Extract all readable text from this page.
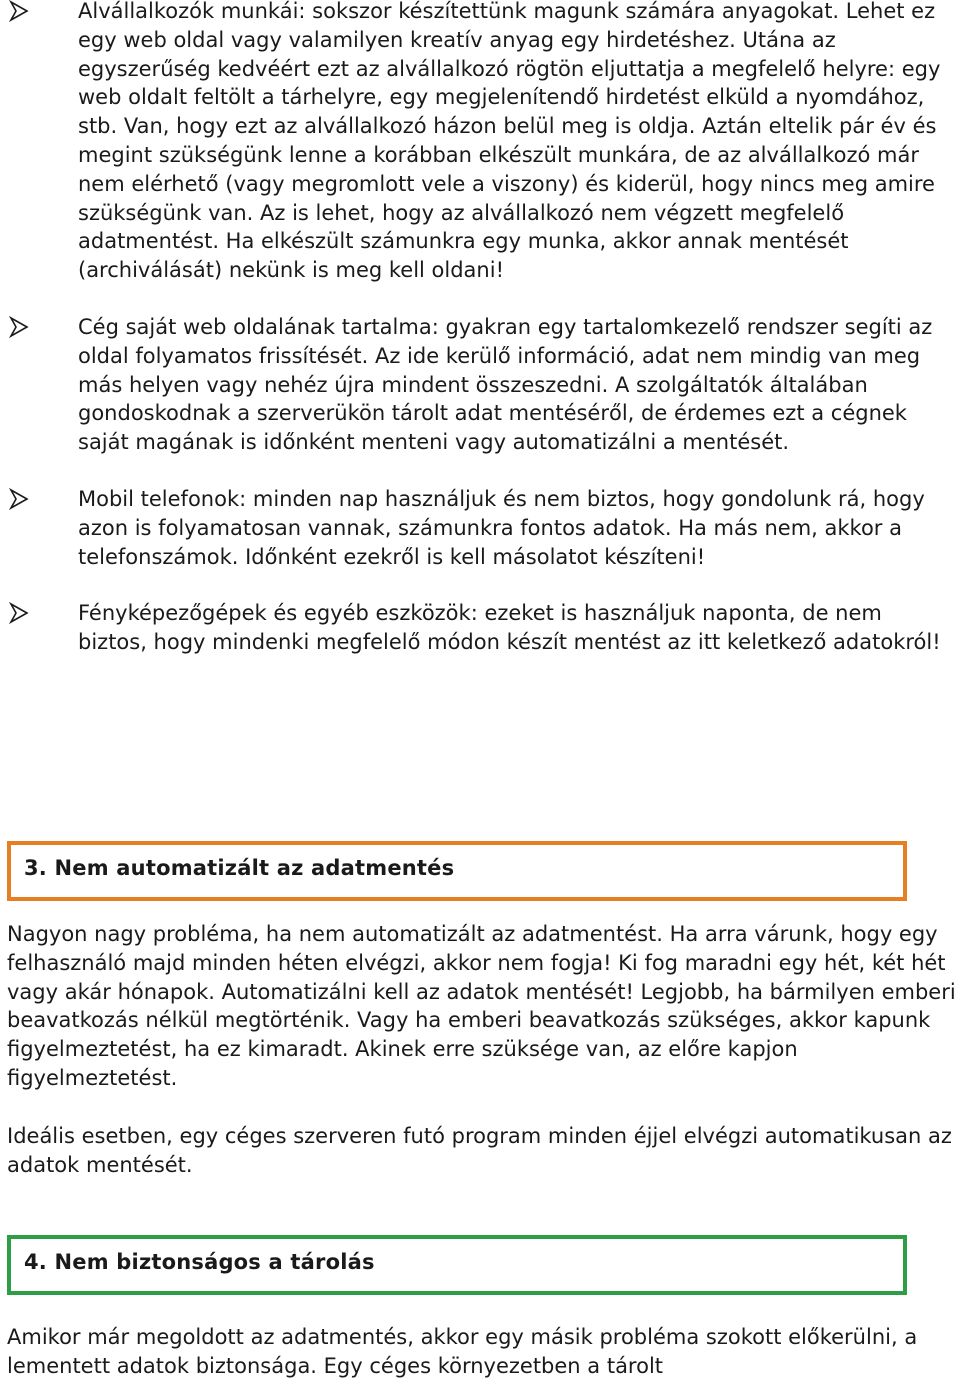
Alvállalkozók munkái: sokszor készítettünk magunk számára anyagokat. Lehet ez egy web oldal vagy valamilyen kreatív anyag egy hirdetéshez. Utána az egyszerűség kedvéért ezt az alvállalkozó rögtön eljuttatja a megfelelő helyre: egy web oldalt feltölt a tárhelyre, egy megjelenítendő hirdetést elküld a nyomdához, stb. Van, hogy ezt az alvállalkozó házon belül meg is oldja. Aztán eltelik pár év és megint szükségünk lenne a korábban elkészült munkára, de az alvállalkozó már nem elérhető (vagy megromlott vele a viszony) és kiderül, hogy nincs meg amire szükségünk van. Az is lehet, hogy az alvállalkozó nem végzett megfelelő adatmentést. Ha elkészült számunkra egy munka, akkor annak mentését (archiválását) nekünk is meg kell oldani!
Cég saját web oldalának tartalma: gyakran egy tartalomkezelő rendszer segíti az oldal folyamatos frissítését. Az ide kerülő információ, adat nem mindig van meg más helyen vagy nehéz újra mindent összeszedni. A szolgáltatók általában gondoskodnak a szerverükön tárolt adat mentéséről, de érdemes ezt a cégnek saját magának is időnként menteni vagy automatizálni a mentését.
Mobil telefonok: minden nap használjuk és nem biztos, hogy gondolunk rá, hogy azon is folyamatosan vannak, számunkra fontos adatok. Ha más nem, akkor a telefonszámok. Időnként ezekről is kell másolatot készíteni!
Fényképezőgépek és egyéb eszközök: ezeket is használjuk naponta, de nem biztos, hogy mindenki megfelelő módon készít mentést az itt keletkező adatokról!
3. Nem automatizált az adatmentés

Nagyon nagy probléma, ha nem automatizált az adatmentést. Ha arra várunk, hogy egy felhasználó majd minden héten elvégzi, akkor nem fogja! Ki fog maradni egy hét, két hét vagy akár hónapok. Automatizálni kell az adatok mentését! Legjobb, ha bármilyen emberi beavatkozás nélkül megtörténik. Vagy ha emberi beavatkozás szükséges, akkor kapunk figyelmeztetést, ha ez kimaradt. Akinek erre szüksége van, az előre kapjon figyelmeztetést.

Ideális esetben, egy céges szerveren futó program minden éjjel elvégzi automatikusan az adatok mentését.

4. Nem biztonságos a tárolás

Amikor már megoldott az adatmentés, akkor egy másik probléma szokott előkerülni, a lementett adatok biztonsága. Egy céges környezetben a tárolt
